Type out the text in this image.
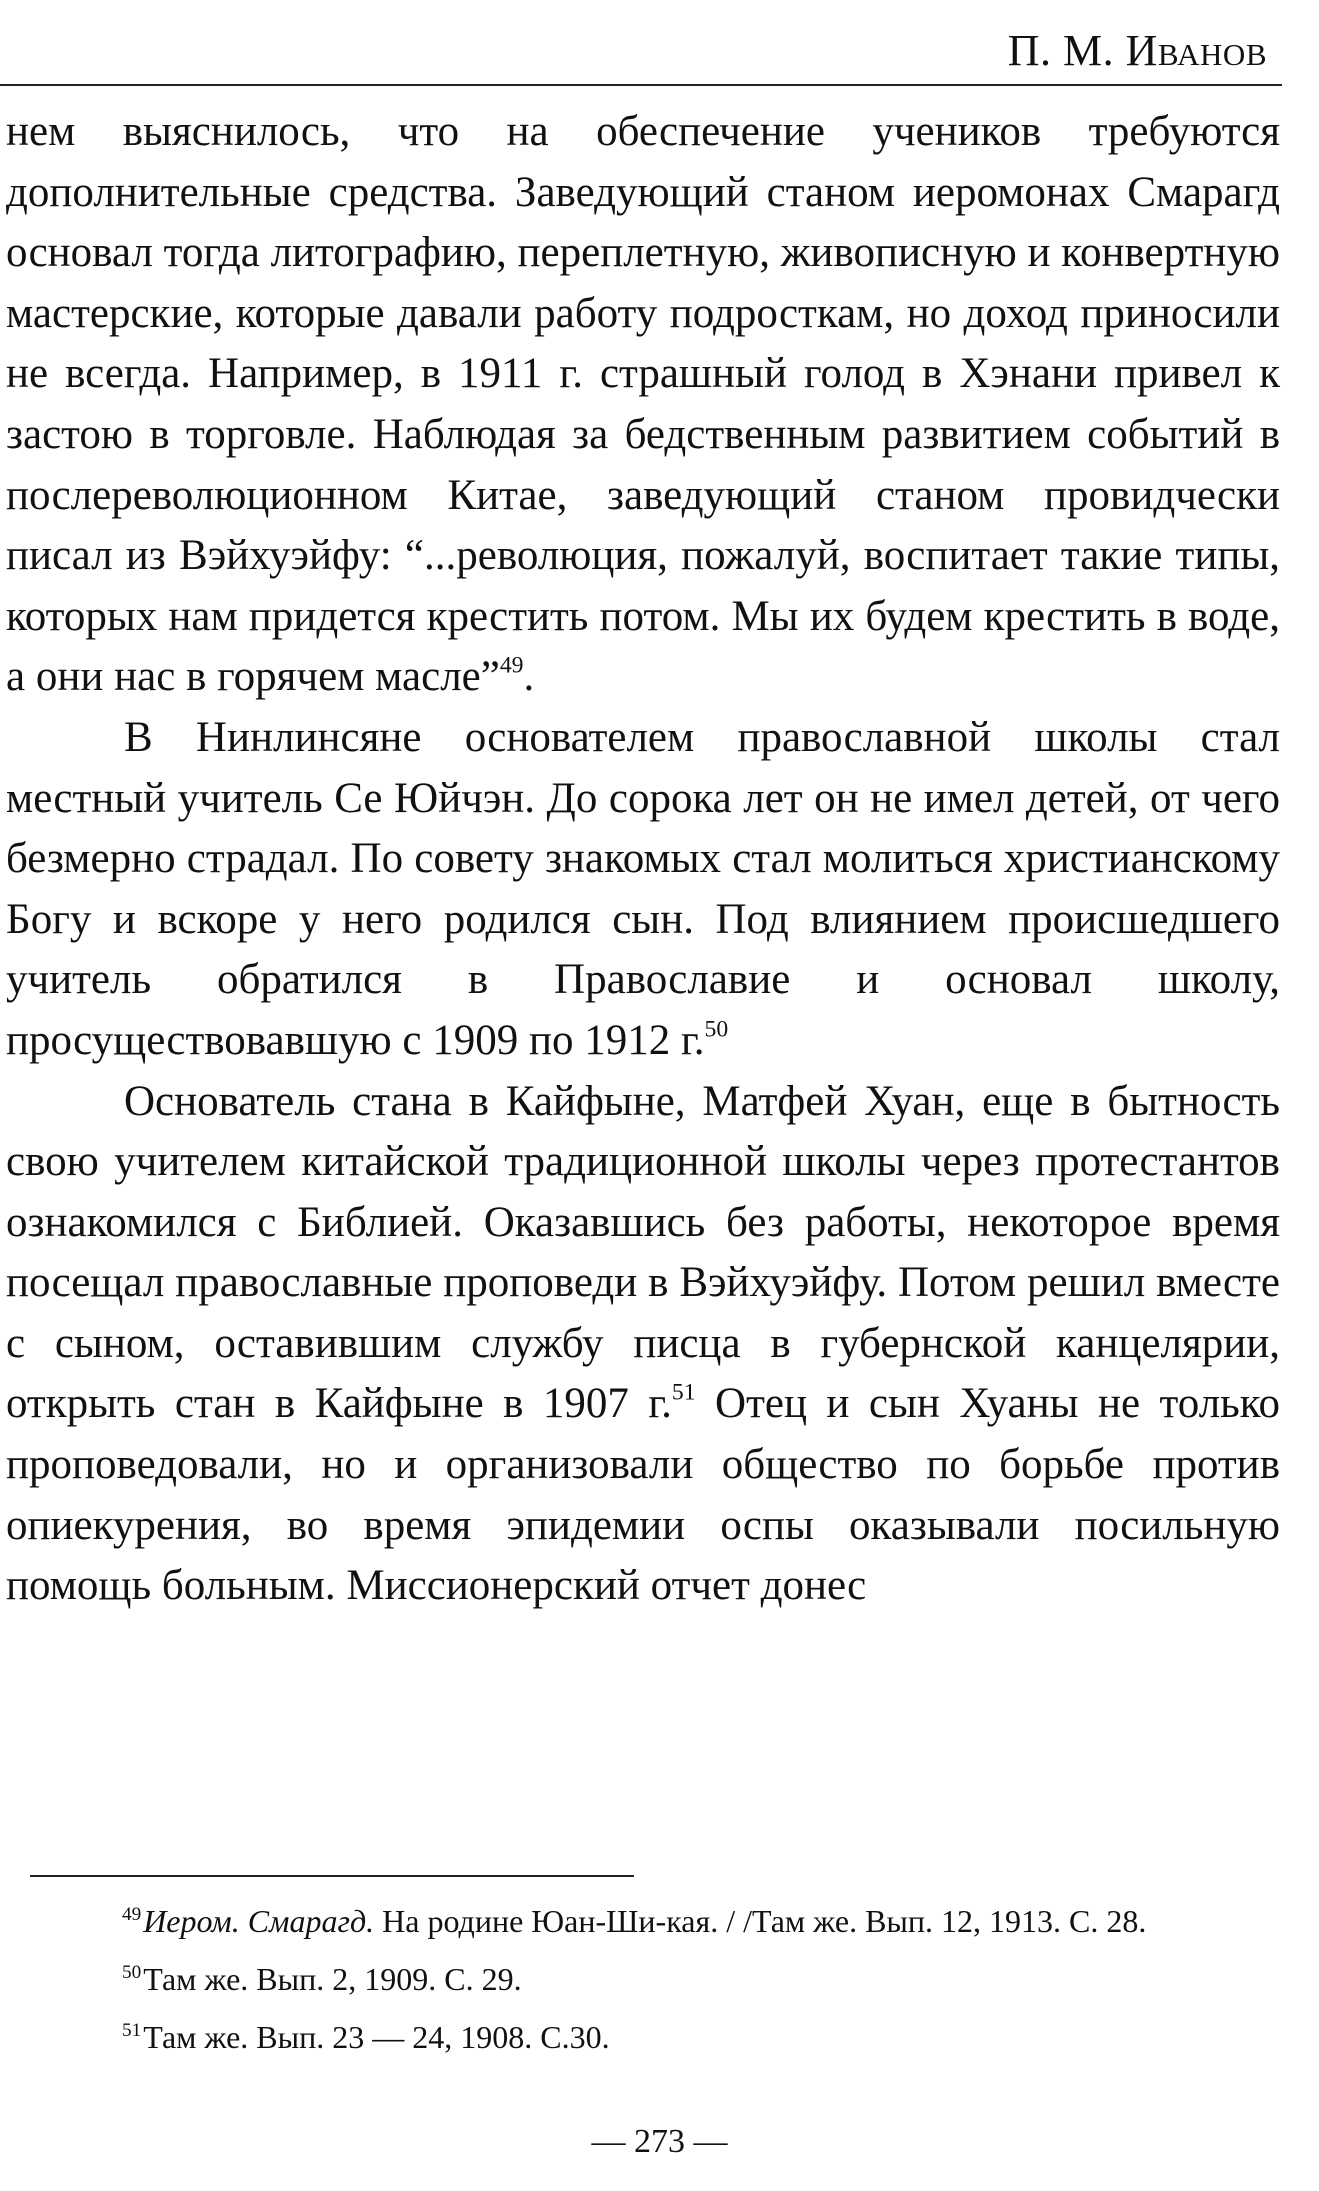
П. М. Иванов

нем выяснилось, что на обеспечение учеников требуются дополнительные средства. Заведующий станом иеромонах Смарагд основал тогда литографию, переплетную, живописную и конвертную мастерские, которые давали работу подросткам, но доход приносили не всегда. Например, в 1911 г. страшный голод в Хэнани привел к застою в торговле. Наблюдая за бедственным развитием событий в послереволюционном Китае, заведующий станом провидчески писал из Вэйхуэйфу: “...революция, пожалуй, воспитает такие типы, которых нам придется крестить потом. Мы их будем крестить в воде, а они нас в горячем масле”$^{49}$.

В Нинлинсяне основателем православной школы стал местный учитель Се Юйчэн. До сорока лет он не имел детей, от чего безмерно страдал. По совету знакомых стал молиться христианскому Богу и вскоре у него родился сын. Под влиянием происшедшего учитель обратился в Православие и основал школу, просуществовавшую с 1909 по 1912 г.$^{50}$

Основатель стана в Кайфыне, Матфей Хуан, еще в бытность свою учителем китайской традиционной школы через протестантов ознакомился с Библией. Оказавшись без работы, некоторое время посещал православные проповеди в Вэйхуэйфу. Потом решил вместе с сыном, оставившим службу писца в губернской канцелярии, открыть стан в Кайфыне в 1907 г.$^{51}$ Отец и сын Хуаны не только проповедовали, но и организовали общество по борьбе против опиекурения, во время эпидемии оспы оказывали посильную помощь больным. Миссионерский отчет донес

$^{49}$Иером. Смарагд. На родине Юан-Ши-кая. / /Там же. Вып. 12, 1913. С. 28.

$^{50}$Там же. Вып. 2, 1909. С. 29.

$^{51}$Там же. Вып. 23 — 24, 1908. С.30.

— 273 —
